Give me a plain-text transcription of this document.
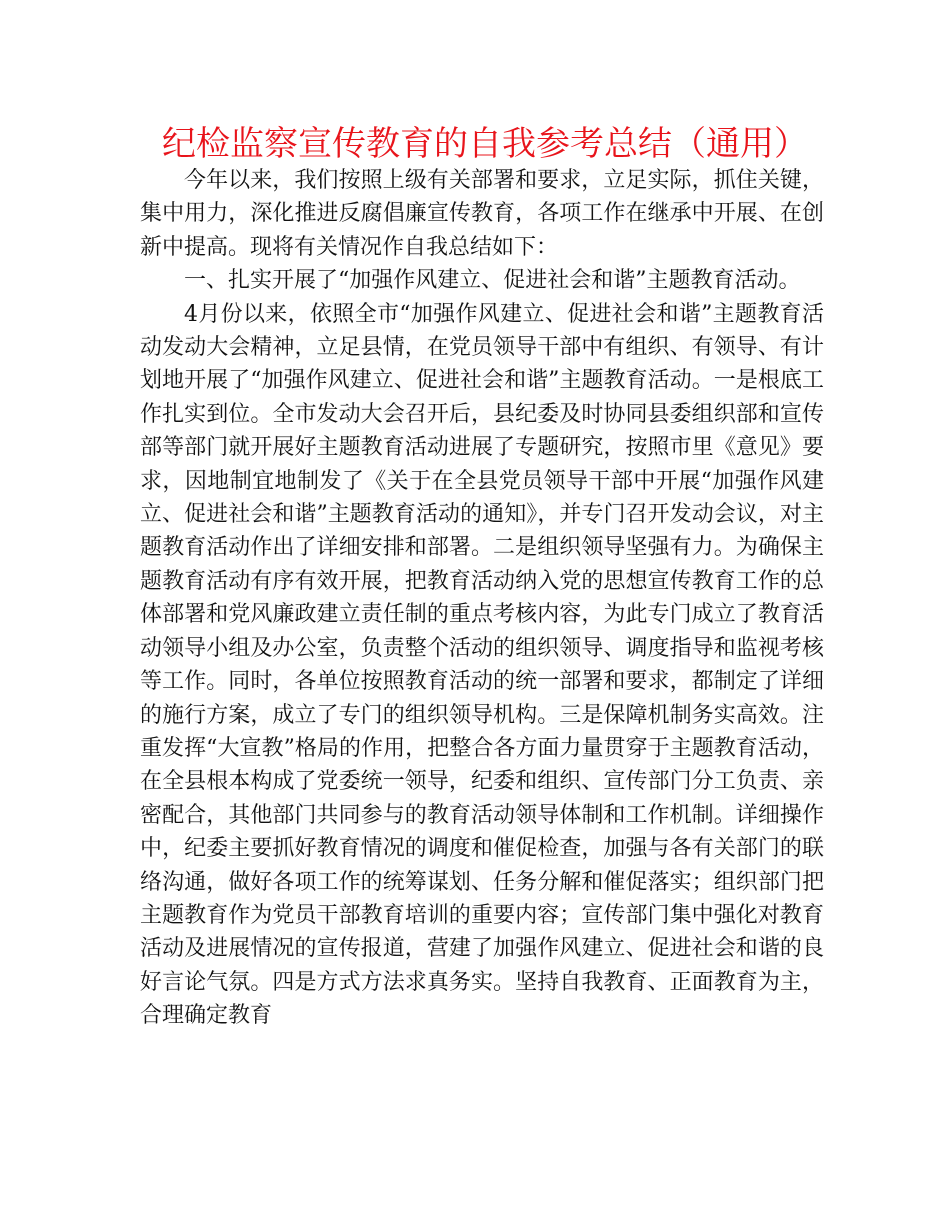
纪检监察宣传教育的自我参考总结（通用）

今年以来，我们按照上级有关部署和要求，立足实际，抓住关键，集中用力，深化推进反腐倡廉宣传教育，各项工作在继承中开展、在创新中提高。现将有关情况作自我总结如下：

一、扎实开展了“加强作风建立、促进社会和谐”主题教育活动。

4月份以来，依照全市“加强作风建立、促进社会和谐”主题教育活动发动大会精神，立足县情，在党员领导干部中有组织、有领导、有计划地开展了“加强作风建立、促进社会和谐”主题教育活动。一是根底工作扎实到位。全市发动大会召开后，县纪委及时协同县委组织部和宣传部等部门就开展好主题教育活动进展了专题研究，按照市里《意见》要求，因地制宜地制发了《关于在全县党员领导干部中开展“加强作风建立、促进社会和谐”主题教育活动的通知》，并专门召开发动会议，对主题教育活动作出了详细安排和部署。二是组织领导坚强有力。为确保主题教育活动有序有效开展，把教育活动纳入党的思想宣传教育工作的总体部署和党风廉政建立责任制的重点考核内容，为此专门成立了教育活动领导小组及办公室，负责整个活动的组织领导、调度指导和监视考核等工作。同时，各单位按照教育活动的统一部署和要求，都制定了详细的施行方案，成立了专门的组织领导机构。三是保障机制务实高效。注重发挥“大宣教”格局的作用，把整合各方面力量贯穿于主题教育活动，在全县根本构成了党委统一领导，纪委和组织、宣传部门分工负责、亲密配合，其他部门共同参与的教育活动领导体制和工作机制。详细操作中，纪委主要抓好教育情况的调度和催促检查，加强与各有关部门的联络沟通，做好各项工作的统筹谋划、任务分解和催促落实；组织部门把主题教育作为党员干部教育培训的重要内容；宣传部门集中强化对教育活动及进展情况的宣传报道，营建了加强作风建立、促进社会和谐的良好言论气氛。四是方式方法求真务实。坚持自我教育、正面教育为主，合理确定教育
